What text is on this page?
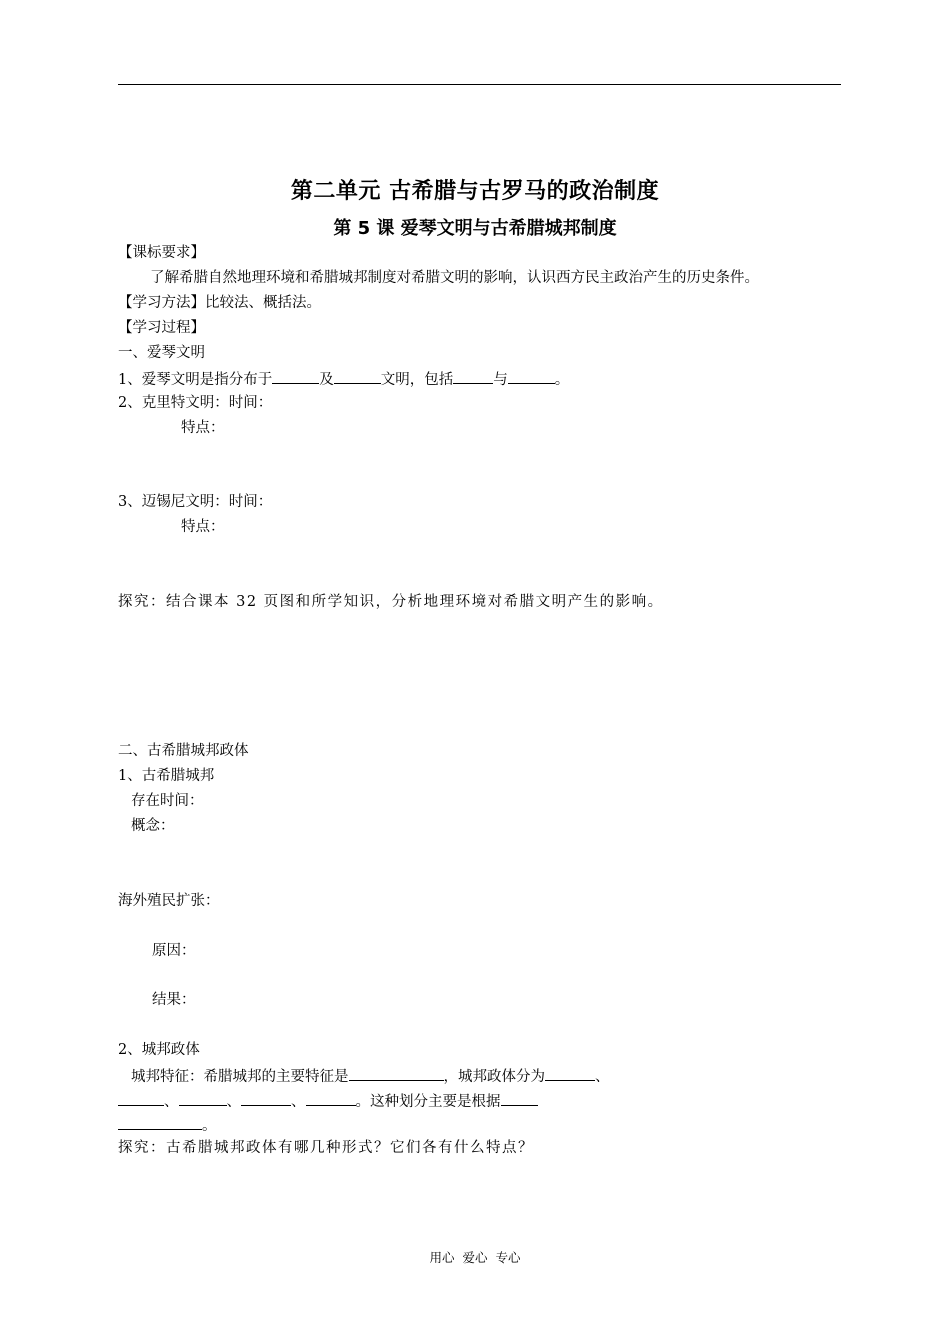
第二单元 古希腊与古罗马的政治制度
第 5 课 爱琴文明与古希腊城邦制度
【课标要求】
了解希腊自然地理环境和希腊城邦制度对希腊文明的影响，认识西方民主政治产生的历史条件。
【学习方法】比较法、概括法。
【学习过程】
一、爱琴文明
1、爱琴文明是指分布于	及	文明，包括	与	。
2、克里特文明：时间：
特点：
3、迈锡尼文明：时间：
特点：
探究：结合课本 32 页图和所学知识，分析地理环境对希腊文明产生的影响。
二、古希腊城邦政体
1、古希腊城邦
存在时间：
概念：
海外殖民扩张：
原因：
结果：
2、城邦政体
城邦特征：希腊城邦的主要特征是	，城邦政体分为	、
、	、	、	。这种划分主要是根据
。
探究：古希腊城邦政体有哪几种形式？它们各有什么特点？
用心 爱心 专心
